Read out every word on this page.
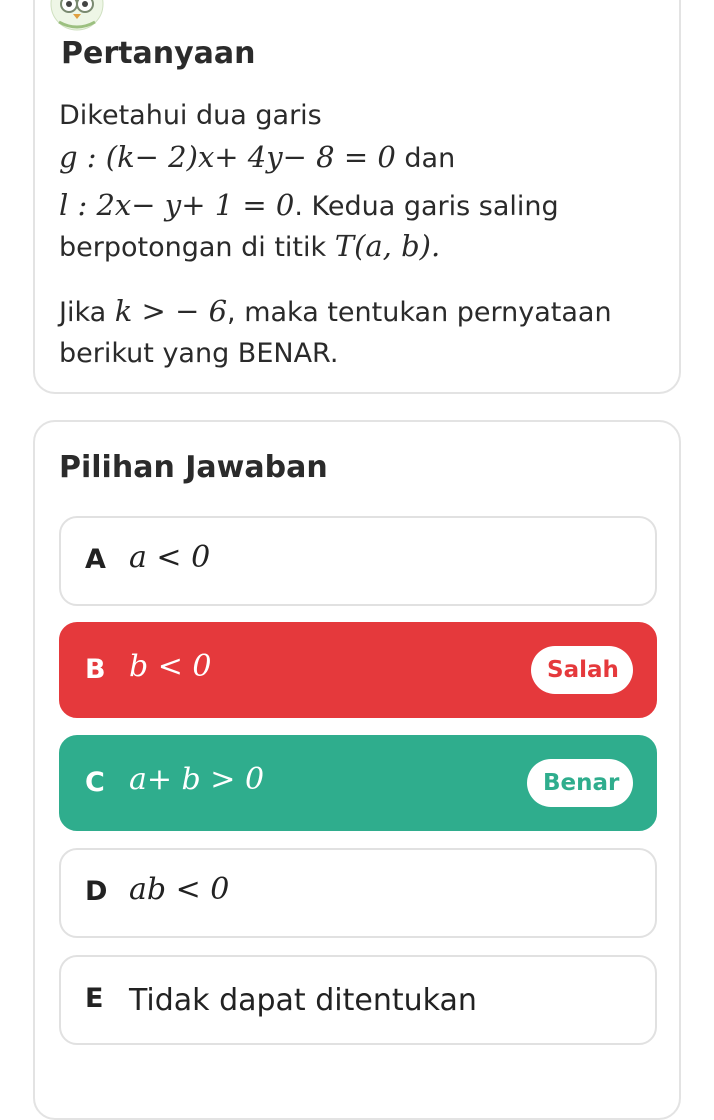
Pertanyaan
Diketahui dua garis
g : (k− 2)x+ 4y− 8 = 0 dan
l : 2x− y+ 1 = 0. Kedua garis saling
berpotongan di titik T(a, b).
Jika k > − 6, maka tentukan pernyataan
berikut yang BENAR.
Pilihan Jawaban
A a < 0
B b < 0	Salah
C a+ b > 0	Benar
D ab < 0
E Tidak dapat ditentukan
